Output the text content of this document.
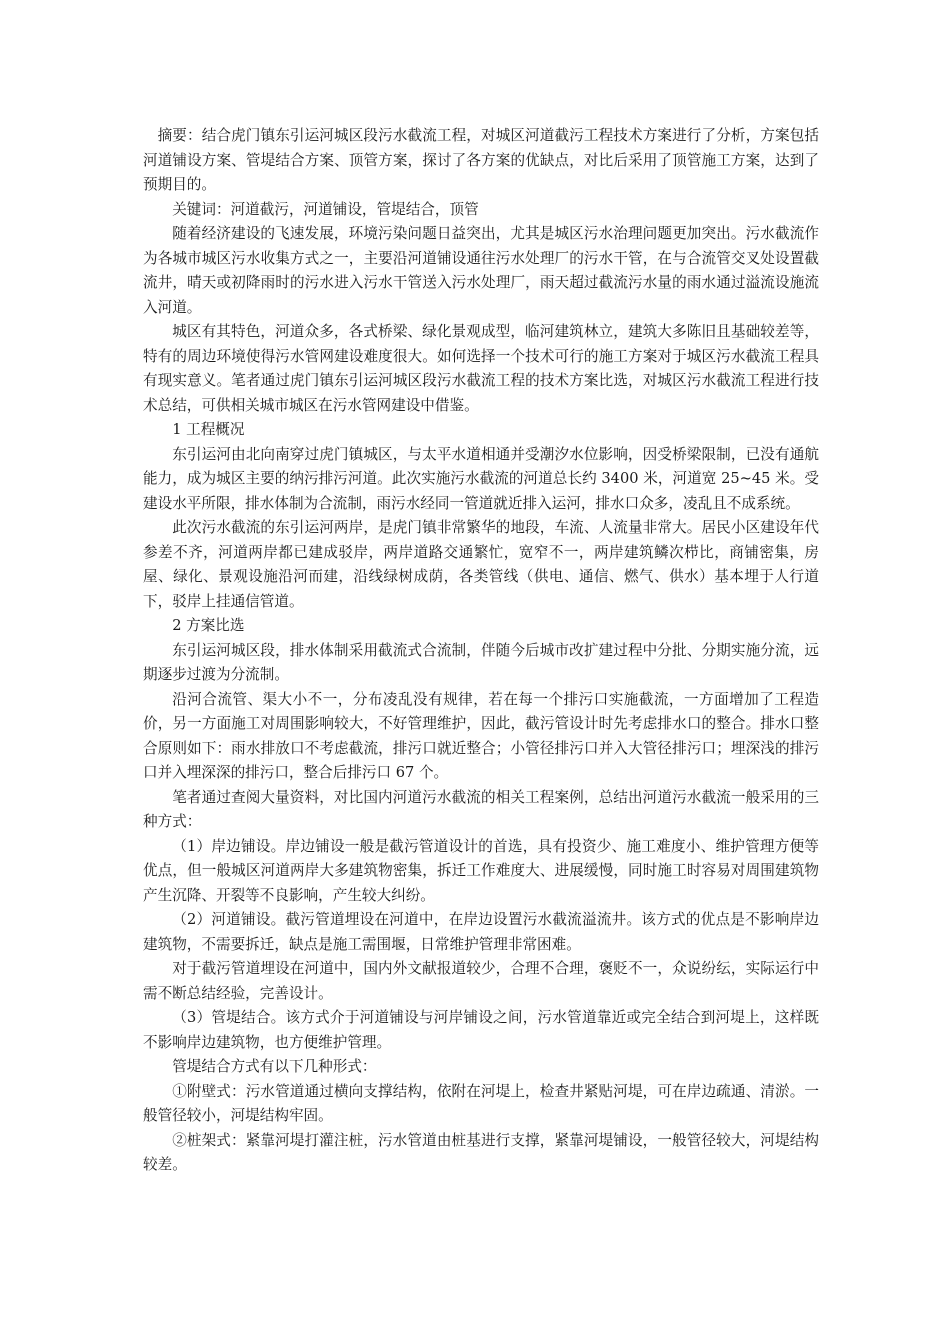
摘要：结合虎门镇东引运河城区段污水截流工程，对城区河道截污工程技术方案进行了分析，方案包括河道铺设方案、管堤结合方案、顶管方案，探讨了各方案的优缺点，对比后采用了顶管施工方案，达到了预期目的。

关键词：河道截污，河道铺设，管堤结合，顶管

随着经济建设的飞速发展，环境污染问题日益突出，尤其是城区污水治理问题更加突出。污水截流作为各城市城区污水收集方式之一，主要沿河道铺设通往污水处理厂的污水干管，在与合流管交叉处设置截流井，晴天或初降雨时的污水进入污水干管送入污水处理厂，雨天超过截流污水量的雨水通过溢流设施流入河道。

城区有其特色，河道众多，各式桥梁、绿化景观成型，临河建筑林立，建筑大多陈旧且基础较差等，特有的周边环境使得污水管网建设难度很大。如何选择一个技术可行的施工方案对于城区污水截流工程具有现实意义。笔者通过虎门镇东引运河城区段污水截流工程的技术方案比选，对城区污水截流工程进行技术总结，可供相关城市城区在污水管网建设中借鉴。

1 工程概况

东引运河由北向南穿过虎门镇城区，与太平水道相通并受潮汐水位影响，因受桥梁限制，已没有通航能力，成为城区主要的纳污排污河道。此次实施污水截流的河道总长约 3400 米，河道宽 25~45 米。受建设水平所限，排水体制为合流制，雨污水经同一管道就近排入运河，排水口众多，凌乱且不成系统。

此次污水截流的东引运河两岸，是虎门镇非常繁华的地段，车流、人流量非常大。居民小区建设年代参差不齐，河道两岸都已建成驳岸，两岸道路交通繁忙，宽窄不一，两岸建筑鳞次栉比，商铺密集，房屋、绿化、景观设施沿河而建，沿线绿树成荫，各类管线（供电、通信、燃气、供水）基本埋于人行道下，驳岸上挂通信管道。

2 方案比选

东引运河城区段，排水体制采用截流式合流制，伴随今后城市改扩建过程中分批、分期实施分流，远期逐步过渡为分流制。

沿河合流管、渠大小不一，分布凌乱没有规律，若在每一个排污口实施截流，一方面增加了工程造价，另一方面施工对周围影响较大，不好管理维护，因此，截污管设计时先考虑排水口的整合。排水口整合原则如下：雨水排放口不考虑截流，排污口就近整合；小管径排污口并入大管径排污口；埋深浅的排污口并入埋深深的排污口，整合后排污口 67 个。

笔者通过查阅大量资料，对比国内河道污水截流的相关工程案例，总结出河道污水截流一般采用的三种方式：

（1）岸边铺设。岸边铺设一般是截污管道设计的首选，具有投资少、施工难度小、维护管理方便等优点，但一般城区河道两岸大多建筑物密集，拆迁工作难度大、进展缓慢，同时施工时容易对周围建筑物产生沉降、开裂等不良影响，产生较大纠纷。

（2）河道铺设。截污管道埋设在河道中，在岸边设置污水截流溢流井。该方式的优点是不影响岸边建筑物，不需要拆迁，缺点是施工需围堰，日常维护管理非常困难。

对于截污管道埋设在河道中，国内外文献报道较少，合理不合理，褒贬不一，众说纷纭，实际运行中需不断总结经验，完善设计。

（3）管堤结合。该方式介于河道铺设与河岸铺设之间，污水管道靠近或完全结合到河堤上，这样既不影响岸边建筑物，也方便维护管理。

管堤结合方式有以下几种形式：

①附壁式：污水管道通过横向支撑结构，依附在河堤上，检查井紧贴河堤，可在岸边疏通、清淤。一般管径较小，河堤结构牢固。

②桩架式：紧靠河堤打灌注桩，污水管道由桩基进行支撑，紧靠河堤铺设，一般管径较大，河堤结构较差。
